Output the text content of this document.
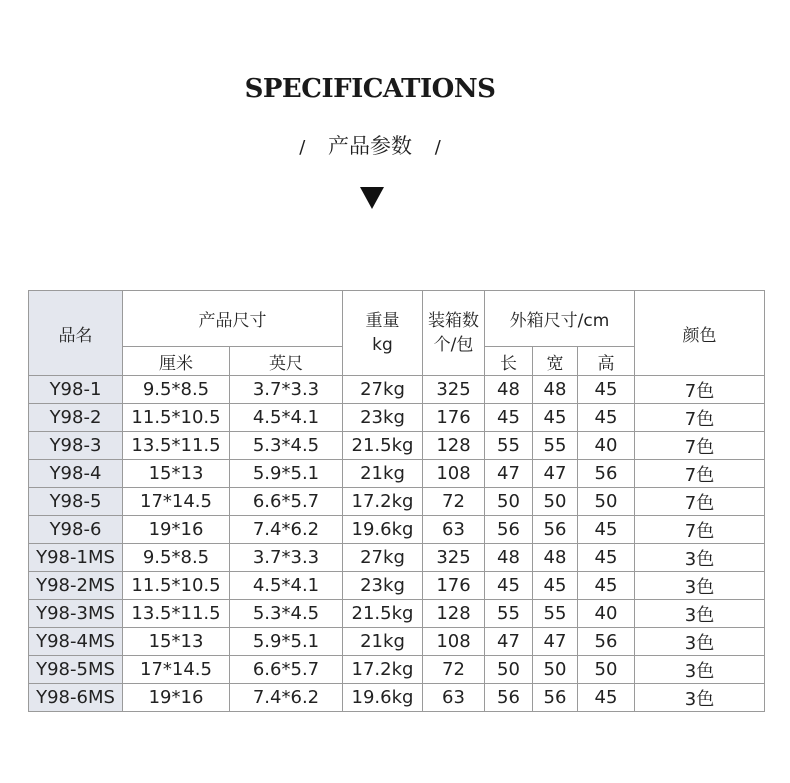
SPECIFICATIONS
/ 产品参数 /
品名	产品尺寸		重量kg	装箱数个/包	外箱尺寸/cm			颜色
	厘米	英尺			长	宽	高	
Y98-1	9.5*8.5	3.7*3.3	27kg	325	48	48	45	7色
Y98-2	11.5*10.5	4.5*4.1	23kg	176	45	45	45	7色
Y98-3	13.5*11.5	5.3*4.5	21.5kg	128	55	55	40	7色
Y98-4	15*13	5.9*5.1	21kg	108	47	47	56	7色
Y98-5	17*14.5	6.6*5.7	17.2kg	72	50	50	50	7色
Y98-6	19*16	7.4*6.2	19.6kg	63	56	56	45	7色
Y98-1MS	9.5*8.5	3.7*3.3	27kg	325	48	48	45	3色
Y98-2MS	11.5*10.5	4.5*4.1	23kg	176	45	45	45	3色
Y98-3MS	13.5*11.5	5.3*4.5	21.5kg	128	55	55	40	3色
Y98-4MS	15*13	5.9*5.1	21kg	108	47	47	56	3色
Y98-5MS	17*14.5	6.6*5.7	17.2kg	72	50	50	50	3色
Y98-6MS	19*16	7.4*6.2	19.6kg	63	56	56	45	3色
